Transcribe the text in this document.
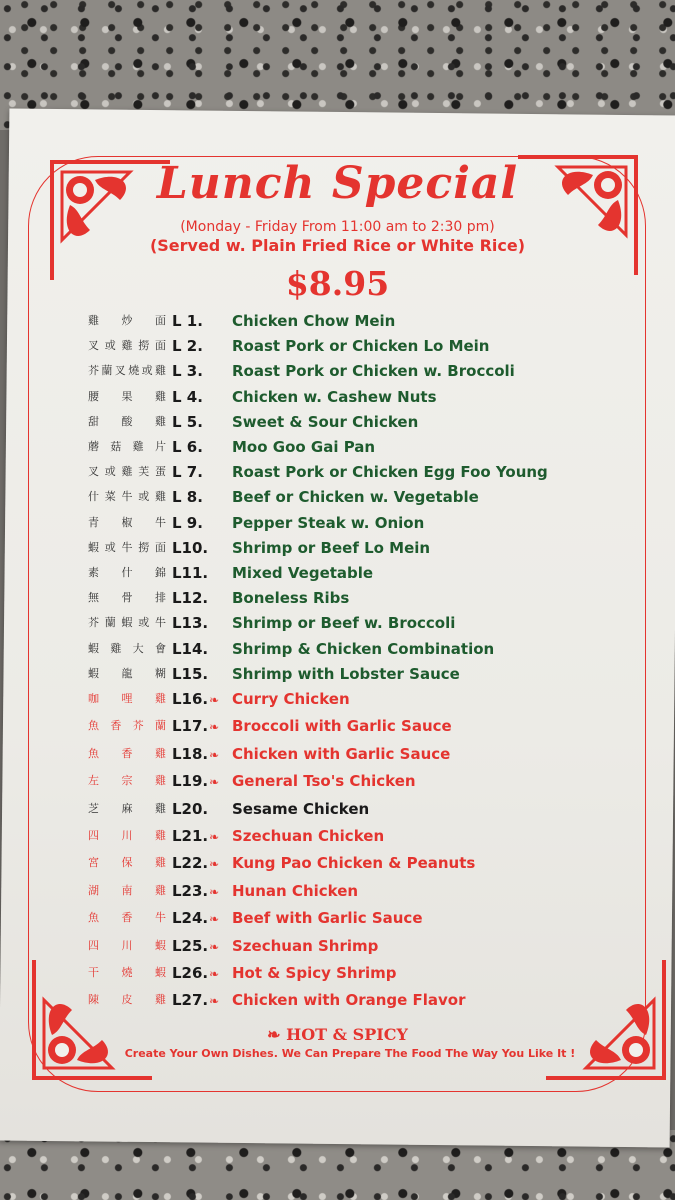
Lunch Special
(Monday - Friday From 11:00 am to 2:30 pm)
(Served w. Plain Fried Rice or White Rice)
$8.95
雞炒面 L 1. Chicken Chow Mein
叉或雞撈面 L 2. Roast Pork or Chicken Lo Mein
芥蘭叉燒或雞 L 3. Roast Pork or Chicken w. Broccoli
腰果雞 L 4. Chicken w. Cashew Nuts
甜酸雞 L 5. Sweet & Sour Chicken
蘑菇雞片 L 6. Moo Goo Gai Pan
叉或雞芙蛋 L 7. Roast Pork or Chicken Egg Foo Young
什菜牛或雞 L 8. Beef or Chicken w. Vegetable
青椒牛 L 9. Pepper Steak w. Onion
蝦或牛撈面 L10. Shrimp or Beef Lo Mein
素什錦 L11. Mixed Vegetable
無骨排 L12. Boneless Ribs
芥蘭蝦或牛 L13. Shrimp or Beef w. Broccoli
蝦雞大會 L14. Shrimp & Chicken Combination
蝦龍糊 L15. Shrimp with Lobster Sauce
咖哩雞 L16.❧ Curry Chicken
魚香芥蘭 L17.❧ Broccoli with Garlic Sauce
魚香雞 L18.❧ Chicken with Garlic Sauce
左宗雞 L19.❧ General Tso's Chicken
芝麻雞 L20. Sesame Chicken
四川雞 L21.❧ Szechuan Chicken
宮保雞 L22.❧ Kung Pao Chicken & Peanuts
湖南雞 L23.❧ Hunan Chicken
魚香牛 L24.❧ Beef with Garlic Sauce
四川蝦 L25.❧ Szechuan Shrimp
干燒蝦 L26.❧ Hot & Spicy Shrimp
陳皮雞 L27.❧ Chicken with Orange Flavor
❧ HOT & SPICY
Create Your Own Dishes. We Can Prepare The Food The Way You Like It !
